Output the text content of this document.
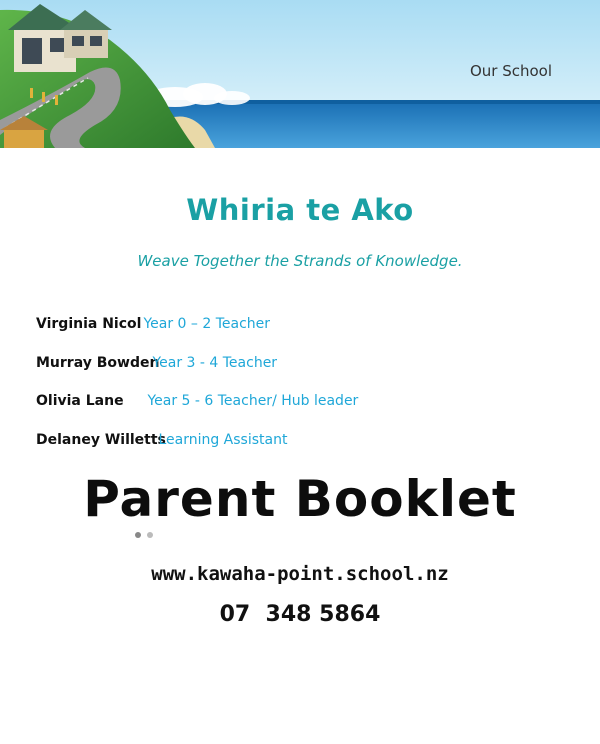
Our School
Whiria te Ako
Weave Together the Strands of Knowledge.
Virginia Nicol Year 0 – 2 Teacher
Murray Bowden Year 3 - 4 Teacher
Olivia Lane Year 5 - 6 Teacher/ Hub leader
Delaney Willetts Learning Assistant
Parent Booklet
www.kawaha-point.school.nz
07  348 5864
